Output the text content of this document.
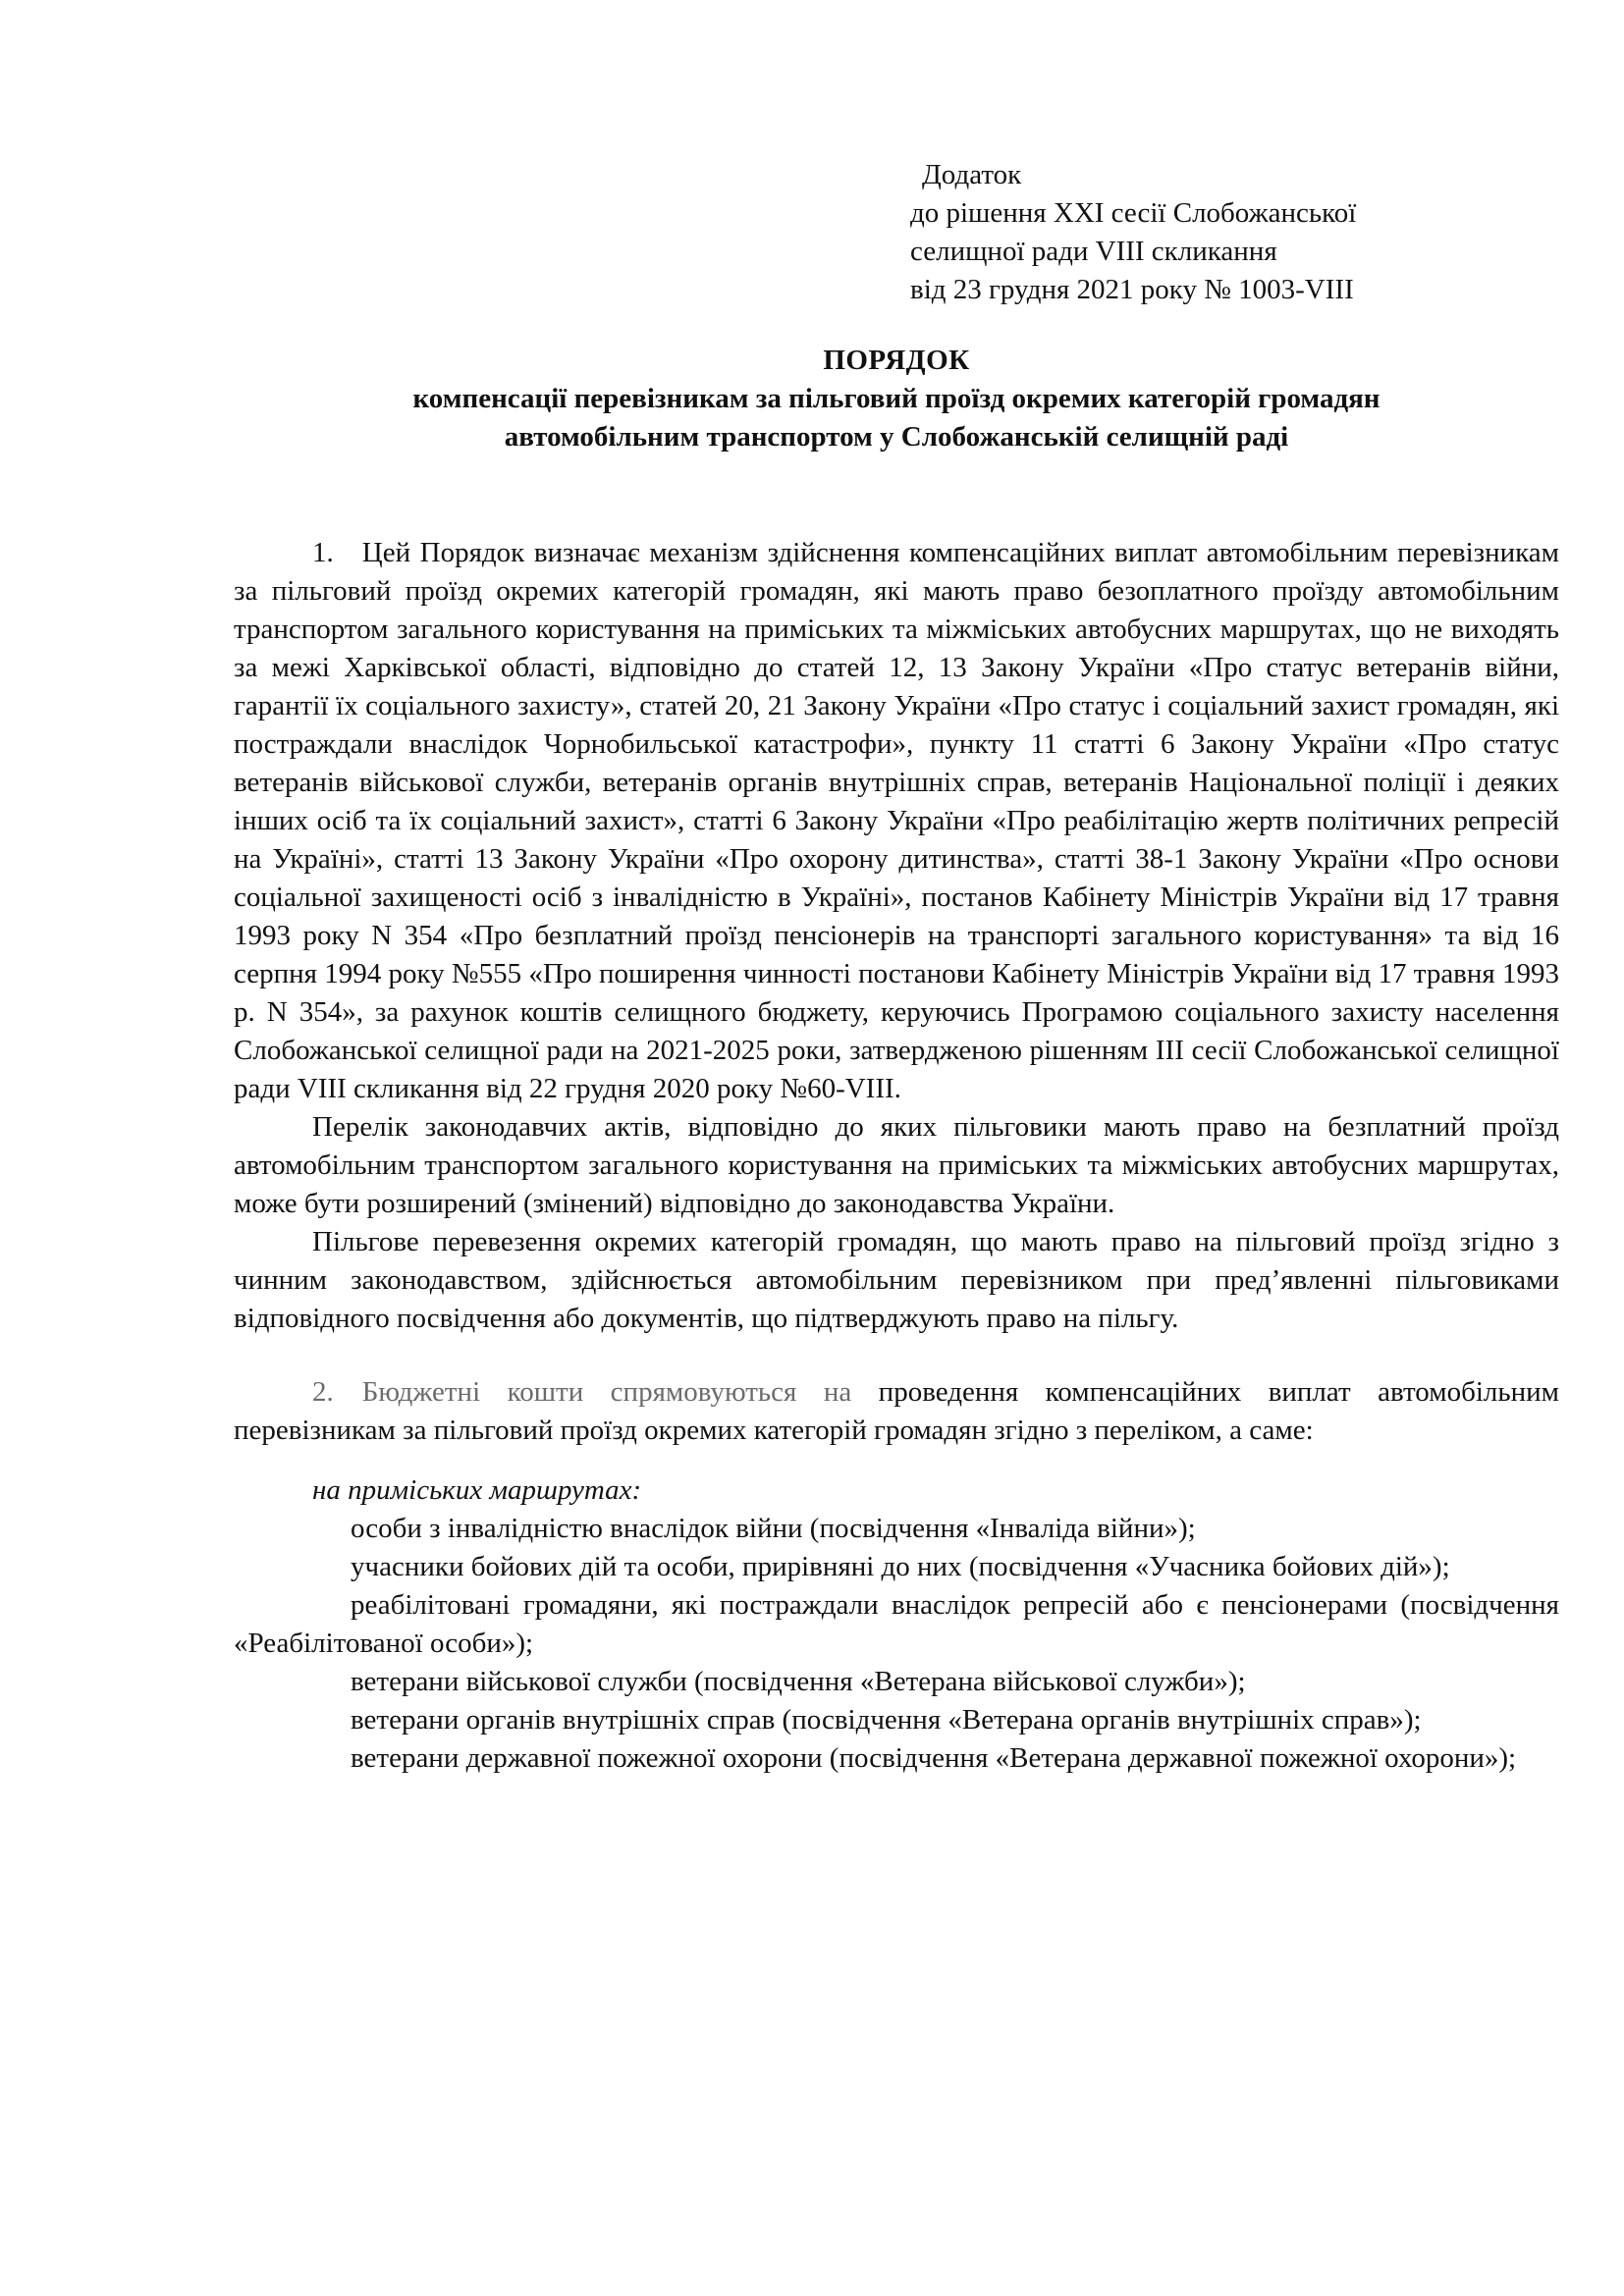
Додаток
до рішення ХХІ сесії Слобожанської
селищної ради VIII скликання
від 23 грудня 2021 року № 1003-VIII
ПОРЯДОК
компенсації перевізникам за пільговий проїзд окремих категорій громадян
автомобільним транспортом у Слобожанській селищній раді

1. Цей Порядок визначає механізм здійснення компенсаційних виплат автомобільним перевізникам за пільговий проїзд окремих категорій громадян, які мають право безоплатного проїзду автомобільним транспортом загального користування на приміських та міжміських автобусних маршрутах, що не виходять за межі Харківської області, відповідно до статей 12, 13 Закону України «Про статус ветеранів війни, гарантії їх соціального захисту», статей 20, 21 Закону України «Про статус і соціальний захист громадян, які постраждали внаслідок Чорнобильської катастрофи», пункту 11 статті 6 Закону України «Про статус ветеранів військової служби, ветеранів органів внутрішніх справ, ветеранів Національної поліції і деяких інших осіб та їх соціальний захист», статті 6 Закону України «Про реабілітацію жертв політичних репресій на Україні», статті 13 Закону України «Про охорону дитинства», статті 38-1 Закону України «Про основи соціальної захищеності осіб з інвалідністю в Україні», постанов Кабінету Міністрів України від 17 травня 1993 року N 354 «Про безплатний проїзд пенсіонерів на транспорті загального користування» та від 16 серпня 1994 року №555 «Про поширення чинності постанови Кабінету Міністрів України від 17 травня 1993 р. N 354», за рахунок коштів селищного бюджету, керуючись Програмою соціального захисту населення Слобожанської селищної ради на 2021-2025 роки, затвердженою рішенням ІІІ сесії Слобожанської селищної ради VIII скликання від 22 грудня 2020 року №60-VIII.

Перелік законодавчих актів, відповідно до яких пільговики мають право на безплатний проїзд автомобільним транспортом загального користування на приміських та міжміських автобусних маршрутах, може бути розширений (змінений) відповідно до законодавства України.

Пільгове перевезення окремих категорій громадян, що мають право на пільговий проїзд згідно з чинним законодавством, здійснюється автомобільним перевізником при пред’явленні пільговиками відповідного посвідчення або документів, що підтверджують право на пільгу.

2. Бюджетні кошти спрямовуються на проведення компенсаційних виплат автомобільним перевізникам за пільговий проїзд окремих категорій громадян згідно з переліком, а саме:

на приміських маршрутах:
особи з інвалідністю внаслідок війни (посвідчення «Інваліда війни»);
учасники бойових дій та особи, прирівняні до них (посвідчення «Учасника бойових дій»);
реабілітовані громадяни, які постраждали внаслідок репресій або є пенсіонерами (посвідчення «Реабілітованої особи»);
ветерани військової служби (посвідчення «Ветерана військової служби»);
ветерани органів внутрішніх справ (посвідчення «Ветерана органів внутрішніх справ»);
ветерани державної пожежної охорони (посвідчення «Ветерана державної пожежної охорони»);
